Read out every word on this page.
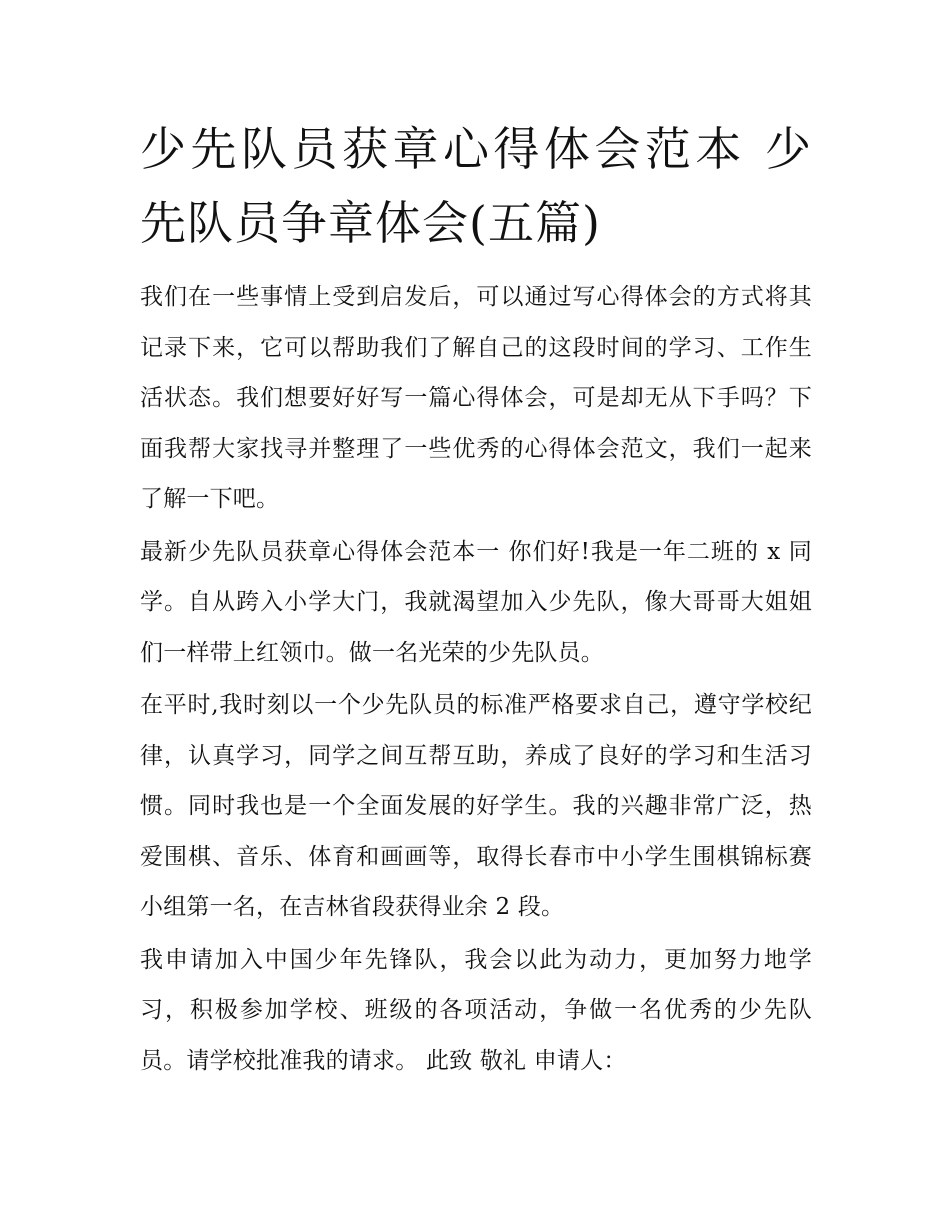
少先队员获章心得体会范本 少先队员争章体会(五篇)

我们在一些事情上受到启发后，可以通过写心得体会的方式将其记录下来，它可以帮助我们了解自己的这段时间的学习、工作生活状态。我们想要好好写一篇心得体会，可是却无从下手吗？下面我帮大家找寻并整理了一些优秀的心得体会范文，我们一起来了解一下吧。

最新少先队员获章心得体会范本一 你们好!我是一年二班的 x 同学。自从跨入小学大门，我就渴望加入少先队，像大哥哥大姐姐们一样带上红领巾。做一名光荣的少先队员。

在平时,我时刻以一个少先队员的标准严格要求自己，遵守学校纪律，认真学习，同学之间互帮互助，养成了良好的学习和生活习惯。同时我也是一个全面发展的好学生。我的兴趣非常广泛，热爱围棋、音乐、体育和画画等，取得长春市中小学生围棋锦标赛小组第一名，在吉林省段获得业余 2 段。

我申请加入中国少年先锋队，我会以此为动力，更加努力地学习，积极参加学校、班级的各项活动，争做一名优秀的少先队员。请学校批准我的请求。 此致 敬礼 申请人：
